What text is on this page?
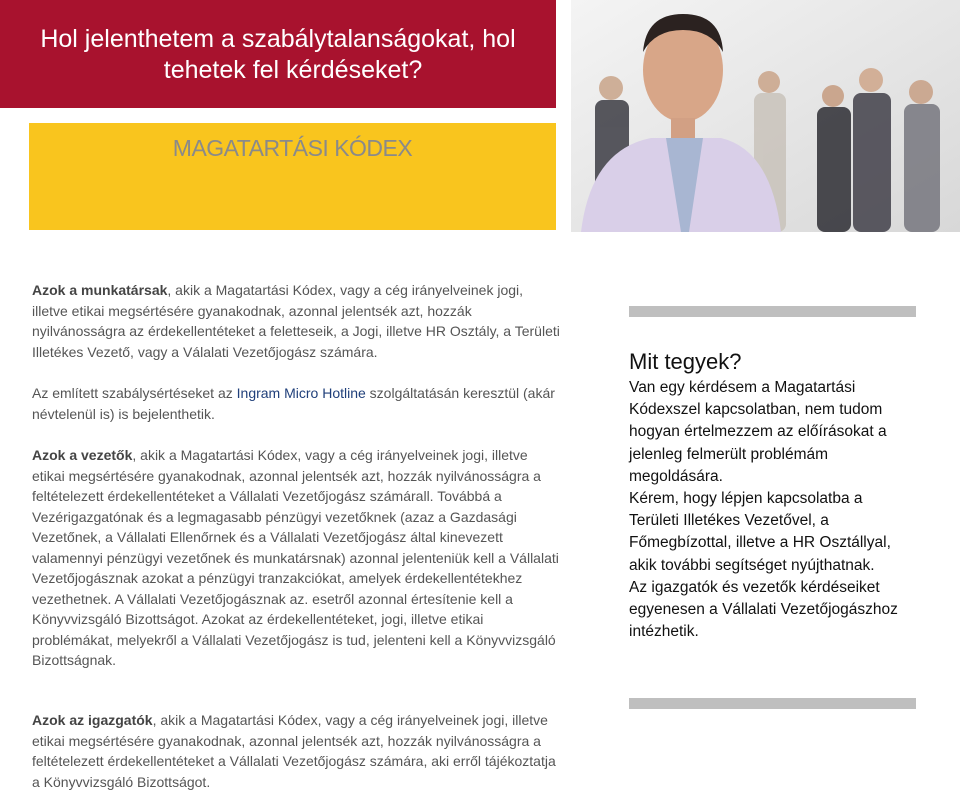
Hol jelenthetem a szabálytalanságokat, hol

tehetek fel kérdéseket?
MAGATARTÁSI KÓDEX

Azok a munkatársak, akik a Magatartási Kódex, vagy a cég irányelveinek jogi, illetve etikai megsértésére gyanakodnak, azonnal jelentsék azt, hozzák nyilvánosságra az érdekellentéteket a feletteseik, a Jogi, illetve HR Osztály, a Területi Illetékes Vezető, vagy a Válalati Vezetőjogász számára.

Az említett szabálysértéseket az Ingram Micro Hotline szolgáltatásán keresztül (akár névtelenül is) is bejelenthetik.

Azok a vezetők, akik a Magatartási Kódex, vagy a cég irányelveinek jogi, illetve etikai megsértésére gyanakodnak, azonnal jelentsék azt, hozzák nyilvánosságra a feltételezett érdekellentéteket a Vállalati Vezetőjogász számárall. Továbbá a Vezérigazgatónak és a legmagasabb pénzügyi vezetőknek (azaz a Gazdasági Vezetőnek, a Vállalati Ellenőrnek és a Vállalati Vezetőjogász által kinevezett valamennyi pénzügyi vezetőnek és munkatársnak) azonnal jelenteniük kell a Vállalati Vezetőjogásznak azokat a pénzügyi tranzakciókat, amelyek érdekellentétekhez vezethetnek. A Vállalati Vezetőjogásznak az. esetről azonnal értesítenie kell a Könyvvizsgáló Bizottságot. Azokat az érdekellentéteket, jogi, illetve etikai problémákat, melyekről a Vállalati Vezetőjogász is tud, jelenteni kell a Könyvvizsgáló Bizottságnak.

Azok az igazgatók, akik a Magatartási Kódex, vagy a cég irányelveinek jogi, illetve etikai megsértésére gyanakodnak, azonnal jelentsék azt, hozzák nyilvánosságra a feltételezett érdekellentéteket a Vállalati Vezetőjogász számára, aki erről tájékoztatja a Könyvvizsgáló Bizottságot.

Mit tegyek?
Van egy kérdésem a Magatartási Kódexszel kapcsolatban, nem tudom hogyan értelmezzem az előírásokat a jelenleg felmerült problémám megoldására.
Kérem, hogy lépjen kapcsolatba a Területi Illetékes Vezetővel, a Főmegbízottal, illetve a HR Osztállyal, akik további segítséget nyújthatnak.
Az igazgatók és vezetők kérdéseiket egyenesen a Vállalati Vezetőjogászhoz intézhetik.
